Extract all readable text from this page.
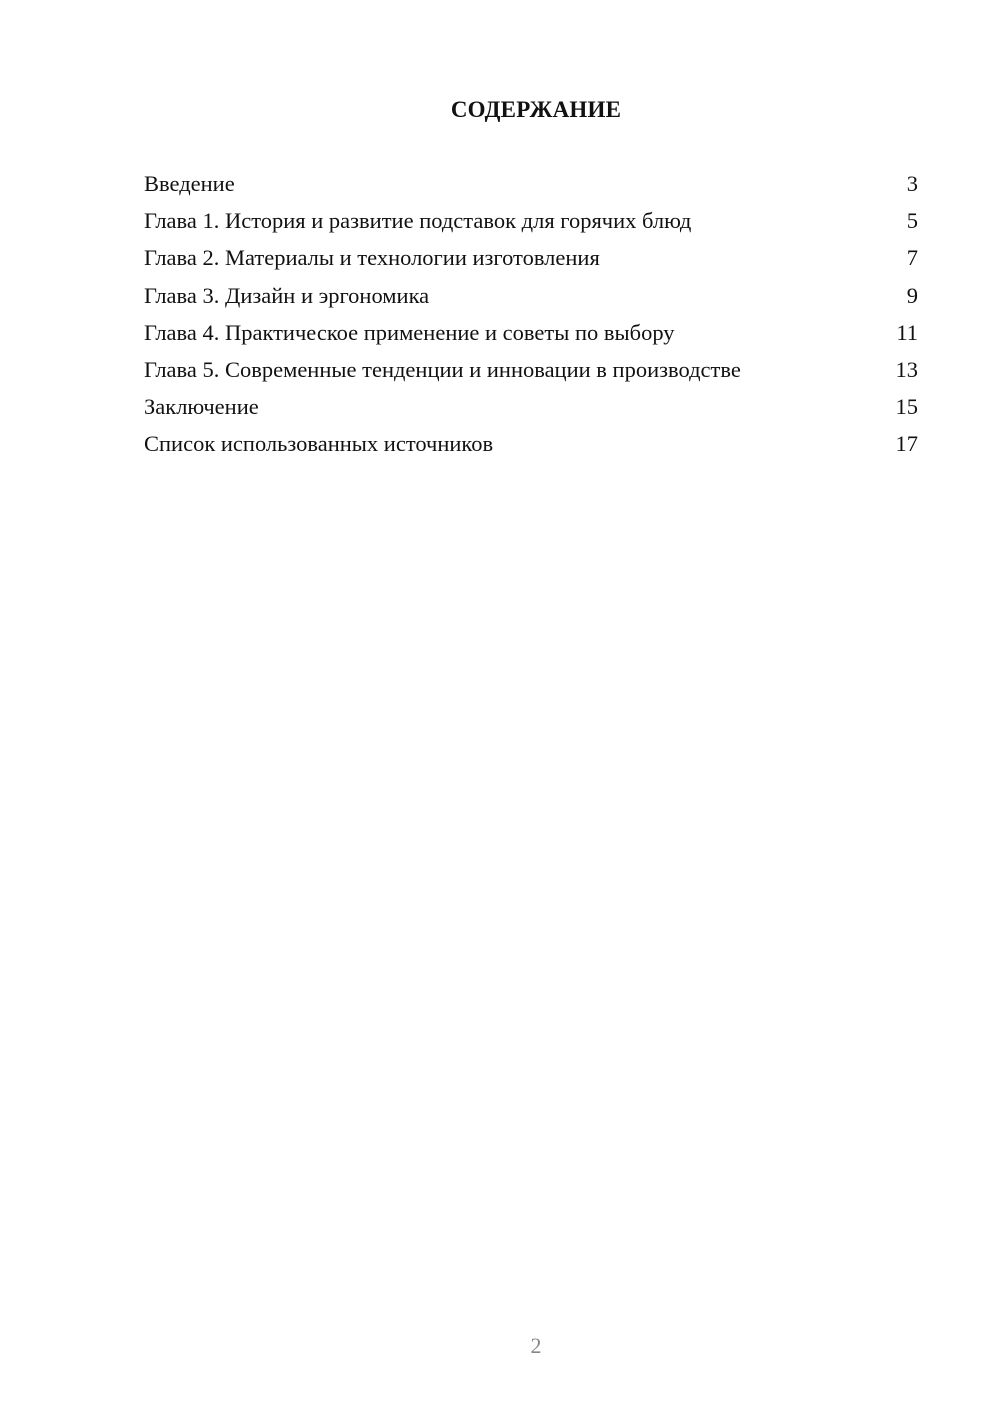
СОДЕРЖАНИЕ
Введение	3
Глава 1. История и развитие подставок для горячих блюд	5
Глава 2. Материалы и технологии изготовления	7
Глава 3. Дизайн и эргономика	9
Глава 4. Практическое применение и советы по выбору	11
Глава 5. Современные тенденции и инновации в производстве	13
Заключение	15
Список использованных источников	17
2
